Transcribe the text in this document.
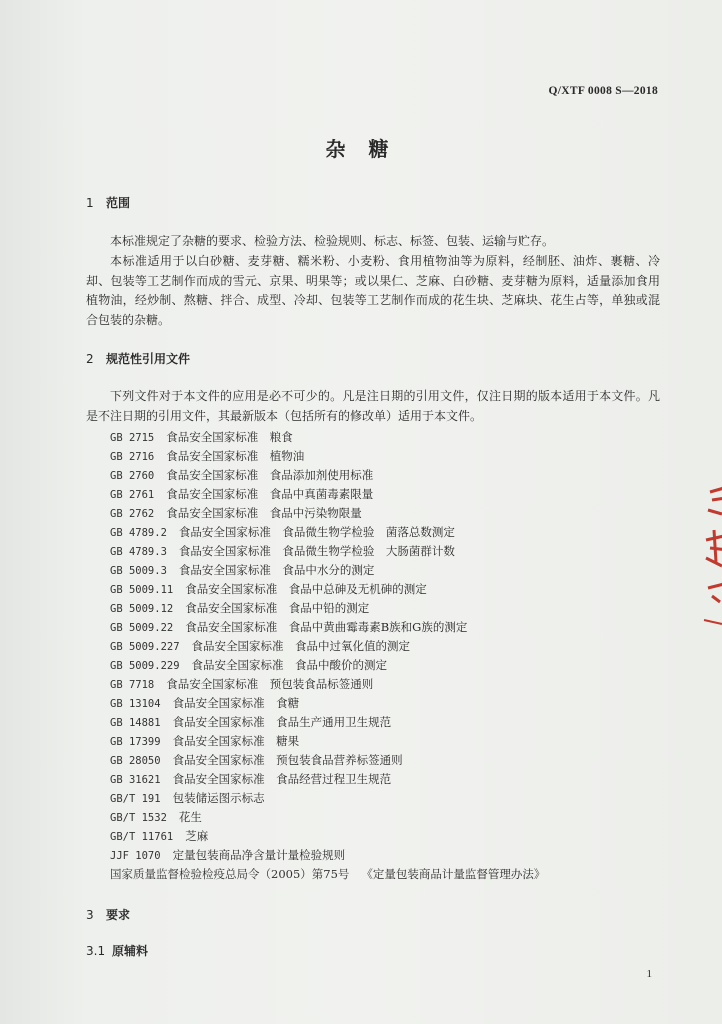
Q/XTF 0008 S—2018
杂 糖
1 范围
本标准规定了杂糖的要求、检验方法、检验规则、标志、标签、包装、运输与贮存。
本标准适用于以白砂糖、麦芽糖、糯米粉、小麦粉、食用植物油等为原料，经制胚、油炸、裹糖、冷却、包装等工艺制作而成的雪元、京果、明果等；或以果仁、芝麻、白砂糖、麦芽糖为原料，适量添加食用植物油，经炒制、熬糖、拌合、成型、冷却、包装等工艺制作而成的花生块、芝麻块、花生占等，单独或混合包装的杂糖。
2 规范性引用文件
下列文件对于本文件的应用是必不可少的。凡是注日期的引用文件，仅注日期的版本适用于本文件。凡是不注日期的引用文件，其最新版本（包括所有的修改单）适用于本文件。
GB 2715 食品安全国家标准　粮食
GB 2716 食品安全国家标准　植物油
GB 2760 食品安全国家标准　食品添加剂使用标准
GB 2761 食品安全国家标准　食品中真菌毒素限量
GB 2762 食品安全国家标准　食品中污染物限量
GB 4789.2 食品安全国家标准　食品微生物学检验　菌落总数测定
GB 4789.3 食品安全国家标准　食品微生物学检验　大肠菌群计数
GB 5009.3 食品安全国家标准　食品中水分的测定
GB 5009.11 食品安全国家标准　食品中总砷及无机砷的测定
GB 5009.12 食品安全国家标准　食品中铅的测定
GB 5009.22 食品安全国家标准　食品中黄曲霉毒素B族和G族的测定
GB 5009.227 食品安全国家标准　食品中过氧化值的测定
GB 5009.229 食品安全国家标准　食品中酸价的测定
GB 7718 食品安全国家标准　预包装食品标签通则
GB 13104 食品安全国家标准　食糖
GB 14881 食品安全国家标准　食品生产通用卫生规范
GB 17399 食品安全国家标准　糖果
GB 28050 食品安全国家标准　预包装食品营养标签通则
GB 31621 食品安全国家标准　食品经营过程卫生规范
GB/T 191 包装储运图示标志
GB/T 1532 花生
GB/T 11761 芝麻
JJF 1070 定量包装商品净含量计量检验规则
国家质量监督检验检疫总局令（2005）第75号 《定量包装商品计量监督管理办法》
3 要求
3.1 原辅料
1
